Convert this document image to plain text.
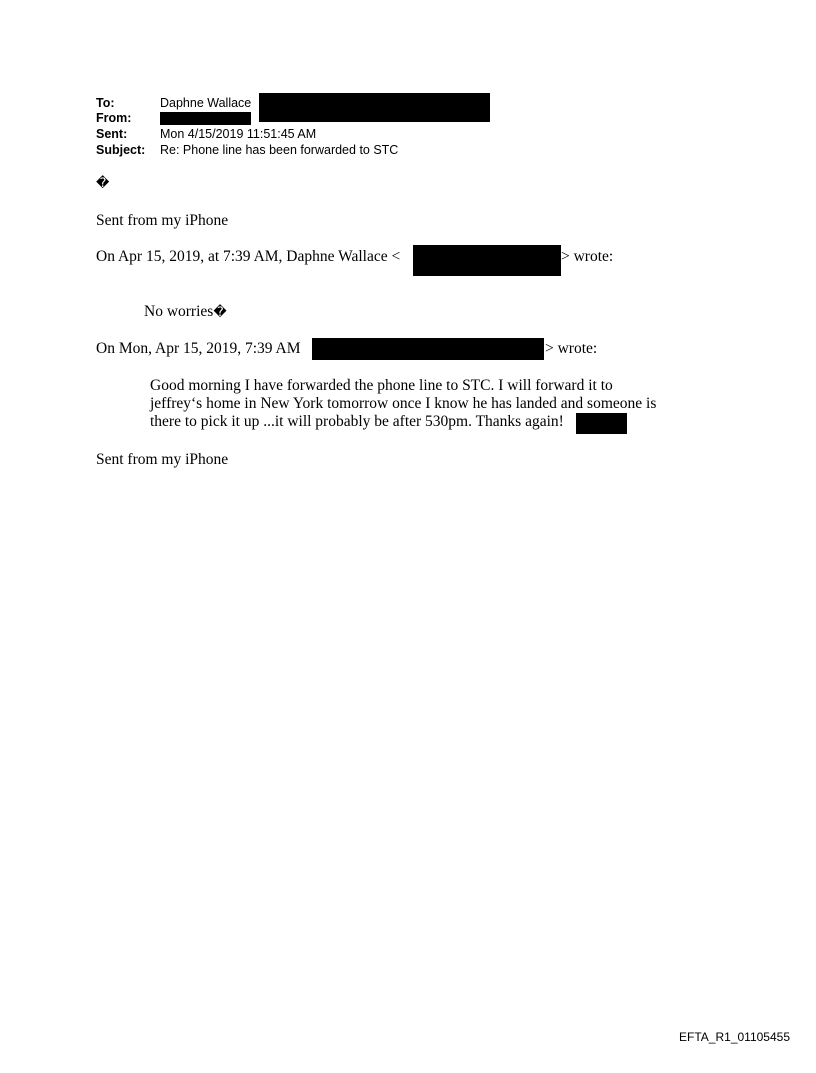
To:	Daphne Wallace
From:
Sent:	Mon 4/15/2019 11:51:45 AM
Subject: Re: Phone line has been forwarded to STC
�
Sent from my iPhone
On Apr 15, 2019, at 7:39 AM, Daphne Wallace <	> wrote:
No worries�
On Mon, Apr 15, 2019, 7:39 AM	> wrote:
Good morning I have forwarded the phone line to STC. I will forward it to
jeffrey‘s home in New York tomorrow once I know he has landed and someone is
there to pick it up ...it will probably be after 530pm. Thanks again!
Sent from my iPhone
EFTA_R1_01105455
